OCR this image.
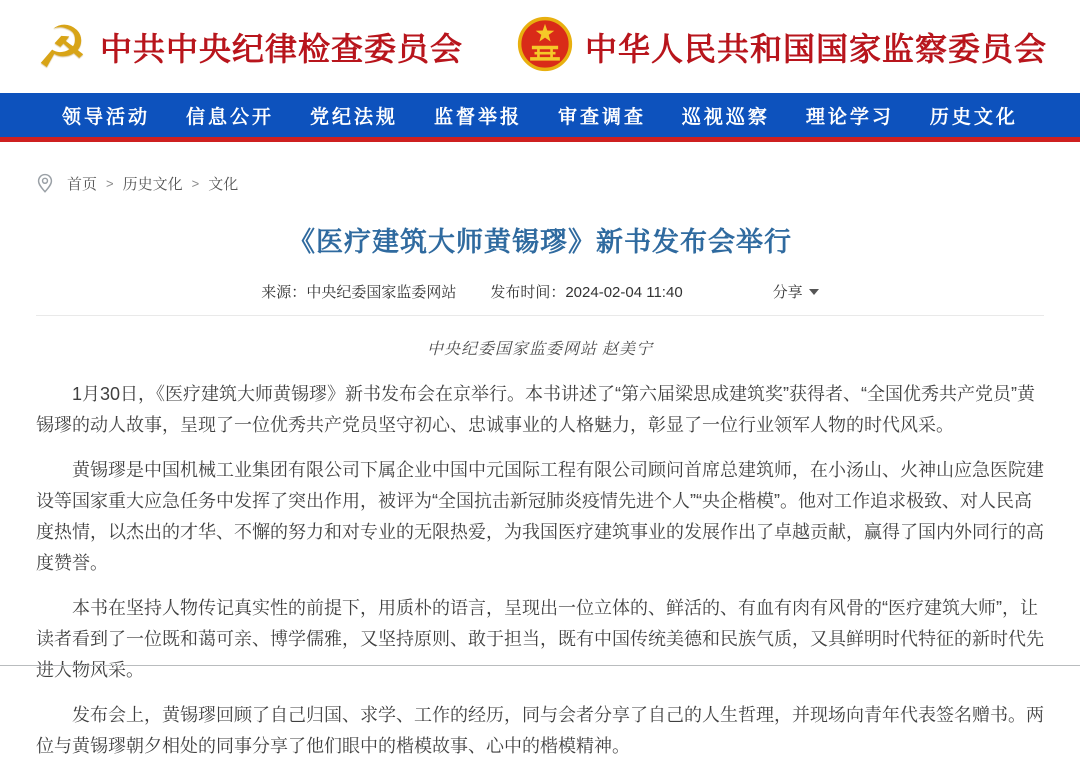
☭ 中共中央纪律检查委员会	中华人民共和国国家监察委员会
领导活动 信息公开 党纪法规 监督举报 审查调查 巡视巡察 理论学习 历史文化
首页 > 历史文化 > 文化
《医疗建筑大师黄锡璆》新书发布会举行
来源：中央纪委国家监委网站 发布时间：2024-02-04 11:40	分享

中央纪委国家监委网站 赵美宁

1月30日，《医疗建筑大师黄锡璆》新书发布会在京举行。本书讲述了“第六届梁思成建筑奖”获得者、“全国优秀共产党员”黄锡璆的动人故事，呈现了一位优秀共产党员坚守初心、忠诚事业的人格魅力，彰显了一位行业领军人物的时代风采。

黄锡璆是中国机械工业集团有限公司下属企业中国中元国际工程有限公司顾问首席总建筑师，在小汤山、火神山应急医院建设等国家重大应急任务中发挥了突出作用，被评为“全国抗击新冠肺炎疫情先进个人”“央企楷模”。他对工作追求极致、对人民高度热情，以杰出的才华、不懈的努力和对专业的无限热爱，为我国医疗建筑事业的发展作出了卓越贡献，赢得了国内外同行的高度赞誉。

本书在坚持人物传记真实性的前提下，用质朴的语言，呈现出一位立体的、鲜活的、有血有肉有风骨的“医疗建筑大师”，让读者看到了一位既和蔼可亲、博学儒雅，又坚持原则、敢于担当，既有中国传统美德和民族气质，又具鲜明时代特征的新时代先进人物风采。

发布会上，黄锡璆回顾了自己归国、求学、工作的经历，同与会者分享了自己的人生哲理，并现场向青年代表签名赠书。两位与黄锡璆朝夕相处的同事分享了他们眼中的楷模故事、心中的楷模精神。
